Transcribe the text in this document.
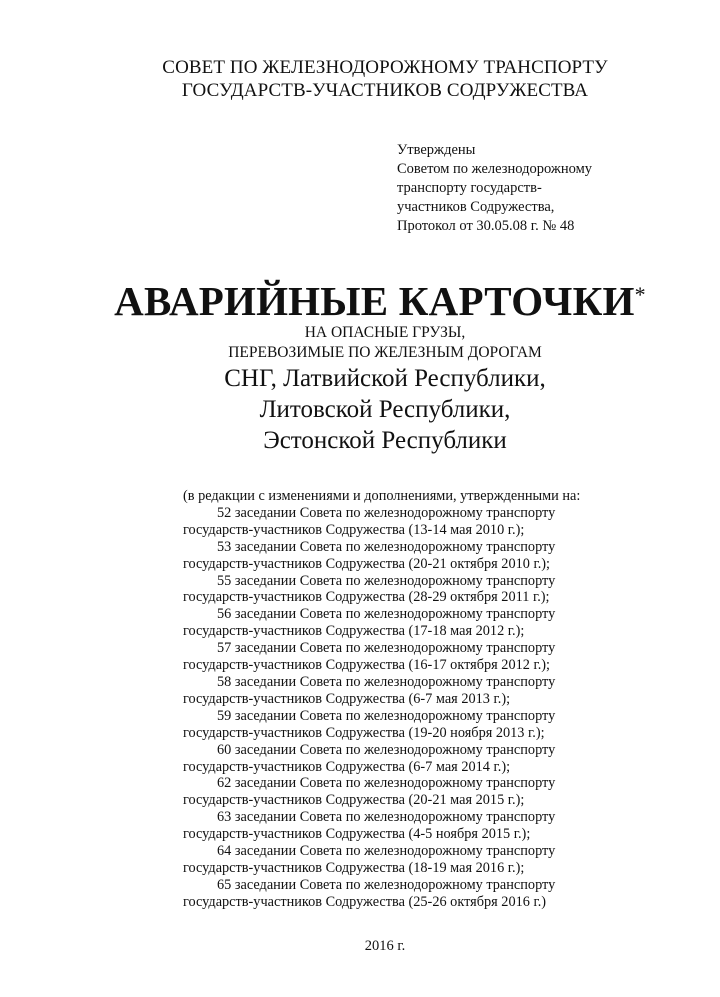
СОВЕТ ПО ЖЕЛЕЗНОДОРОЖНОМУ ТРАНСПОРТУ
ГОСУДАРСТВ-УЧАСТНИКОВ СОДРУЖЕСТВА
Утверждены
Советом по железнодорожному
транспорту государств-
участников Содружества,
Протокол от 30.05.08 г. № 48
АВАРИЙНЫЕ КАРТОЧКИ*
НА ОПАСНЫЕ ГРУЗЫ,
ПЕРЕВОЗИМЫЕ ПО ЖЕЛЕЗНЫМ ДОРОГАМ
СНГ, Латвийской Республики,
Литовской Республики,
Эстонской Республики

(в редакции с изменениями и дополнениями, утвержденными на:

52 заседании Совета по железнодорожному транспорту
государств-участников Содружества (13-14 мая 2010 г.);
53 заседании Совета по железнодорожному транспорту
государств-участников Содружества (20-21 октября 2010 г.);
55 заседании Совета по железнодорожному транспорту
государств-участников Содружества (28-29 октября 2011 г.);
56 заседании Совета по железнодорожному транспорту
государств-участников Содружества (17-18 мая 2012 г.);
57 заседании Совета по железнодорожному транспорту
государств-участников Содружества (16-17 октября 2012 г.);
58 заседании Совета по железнодорожному транспорту
государств-участников Содружества (6-7 мая 2013 г.);
59 заседании Совета по железнодорожному транспорту
государств-участников Содружества (19-20 ноября 2013 г.);
60 заседании Совета по железнодорожному транспорту
государств-участников Содружества (6-7 мая 2014 г.);
62 заседании Совета по железнодорожному транспорту
государств-участников Содружества (20-21 мая 2015 г.);
63 заседании Совета по железнодорожному транспорту
государств-участников Содружества (4-5 ноября 2015 г.);
64 заседании Совета по железнодорожному транспорту
государств-участников Содружества (18-19 мая 2016 г.);
65 заседании Совета по железнодорожному транспорту
государств-участников Содружества (25-26 октября 2016 г.)
2016 г.
